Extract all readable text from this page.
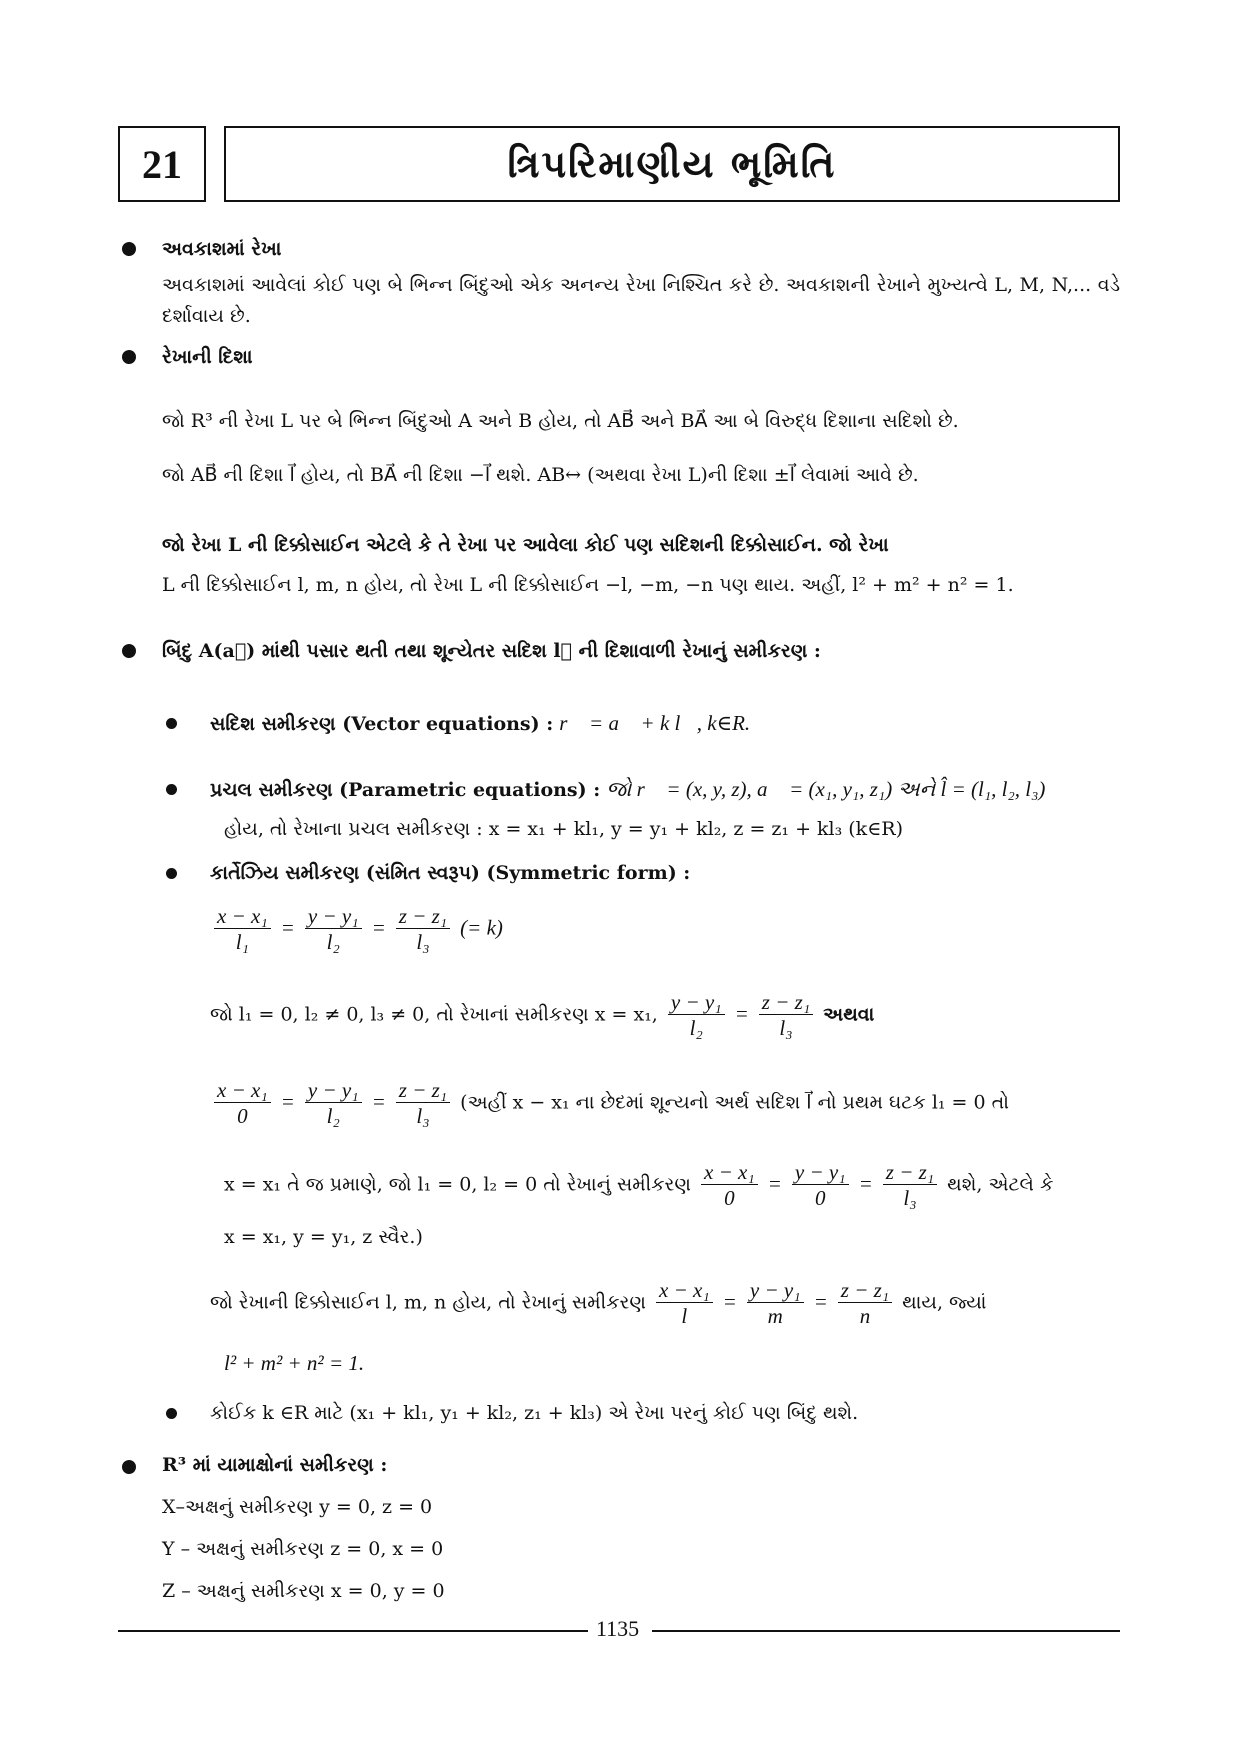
21	ત્રિપરિમાણીય ભૂમિતિ
અવકાશમાં રેખા
અવકાશમાં આવેલાં કોઈ પણ બે ભિન્ન બિંદુઓ એક અનન્ય રેખા નિશ્ચિત કરે છે. અવકાશની રેખાને મુખ્યત્વે L, M, N,... વડે દર્શાવાય છે.
રેખાની દિશા
જો R³ ની રેખા L પર બે ભિન્ન બિંદુઓ A અને B હોય, તો AB⃗ અને BA⃗ આ બે વિરુદ્ધ દિશાના સદિશો છે.
જો AB⃗ ની દિશા l⃗ હોય, તો BA⃗ ની દિશા −l⃗ થશે. AB↔ (અથવા રેખા L)ની દિશા ±l⃗ લેવામાં આવે છે.
જો રેખા L ની દિક્કોસાઈન એટલે કે તે રેખા પર આવેલા કોઈ પણ સદિશની દિક્કોસાઈન. જો રેખા
L ની દિક્કોસાઈન l, m, n હોય, તો રેખા L ની દિક્કોસાઈન −l, −m, −n પણ થાય. અહીં, l² + m² + n² = 1.
બિંદુ A(a⃗) માંથી પસાર થતી તથા શૂન્યેતર સદિશ l⃗ ની દિશાવાળી રેખાનું સમીકરણ :
સદિશ સમીકરણ (Vector equations) : r⃗ = a⃗ + k l⃗, k∈R.
પ્રચલ સમીકરણ (Parametric equations) : જો r⃗ = (x, y, z), a⃗ = (x₁, y₁, z₁) અને l̂ = (l₁, l₂, l₃)
હોય, તો રેખાના પ્રચલ સમીકરણ : x = x₁ + kl₁, y = y₁ + kl₂, z = z₁ + kl₃ (k∈R)
કાર્તેઝિય સમીકરણ (સંમિત સ્વરૂપ) (Symmetric form) :
$\frac{\text{x − x₁}}{\text{l₁}} = \frac{\text{y − y₁}}{\text{l₂}} = \frac{\text{z − z₁}}{\text{l₃}}$ (= k)
જો l₁ = 0, l₂ ≠ 0, l₃ ≠ 0, તો રેખાનાં સમીકરણ x = x₁, $\frac{\text{y − y₁}}{\text{l₂}} = \frac{\text{z − z₁}}{\text{l₃}}$ અથવા
$\frac{\text{x − x₁}}{0} = \frac{\text{y − y₁}}{\text{l₂}} = \frac{\text{z − z₁}}{\text{l₃}}$ (અહીં x − x₁ ના છેદમાં શૂન્યનો અર્થ સદિશ l⃗ નો પ્રથમ ઘટક l₁ = 0 તો
x = x₁ તે જ પ્રમાણે, જો l₁ = 0, l₂ = 0 તો રેખાનું સમીકરણ $\frac{\text{x − x₁}}{0} = \frac{\text{y − y₁}}{0} = \frac{\text{z − z₁}}{\text{l₃}}$ થશે, એટલે કે
x = x₁, y = y₁, z સ્વૈર.)
જો રેખાની દિક્કોસાઈન l, m, n હોય, તો રેખાનું સમીકરણ $\frac{\text{x − x₁}}{l} = \frac{\text{y − y₁}}{m} = \frac{\text{z − z₁}}{n}$ થાય, જ્યાં
l² + m² + n² = 1.
કોઈક k ∈R માટે (x₁ + kl₁, y₁ + kl₂, z₁ + kl₃) એ રેખા પરનું કોઈ પણ બિંદુ થશે.
R³ માં યામાક્ષોનાં સમીકરણ :
X–અક્ષનું સમીકરણ y = 0, z = 0
Y – અક્ષનું સમીકરણ z = 0, x = 0
Z – અક્ષનું સમીકરણ x = 0, y = 0
1135
